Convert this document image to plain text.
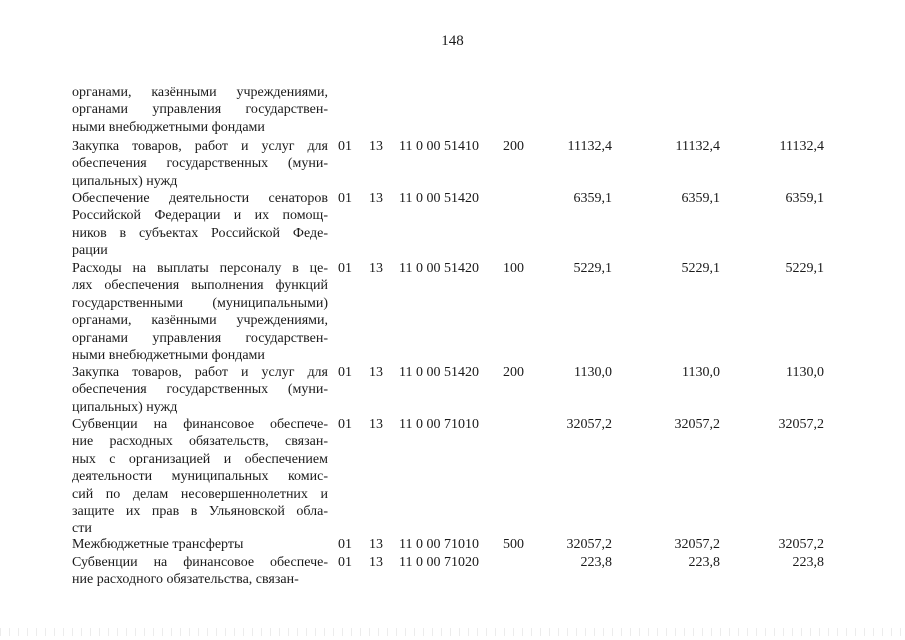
148
органами, казёнными учреждениями,
органами управления государствен-
ными внебюджетными фондами
Закупка товаров, работ и услуг для
обеспечения государственных (муни-
ципальных) нужд
01 13 11 0 00 51410 200	11132,4	11132,4	11132,4
Обеспечение деятельности сенаторов
Российской Федерации и их помощ-
ников в субъектах Российской Феде-
рации
01 13 11 0 00 51420	6359,1	6359,1	6359,1
Расходы на выплаты персоналу в це-
лях обеспечения выполнения функций
государственными (муниципальными)
органами, казёнными учреждениями,
органами управления государствен-
ными внебюджетными фондами
01 13 11 0 00 51420 100	5229,1	5229,1	5229,1
Закупка товаров, работ и услуг для
обеспечения государственных (муни-
ципальных) нужд
01 13 11 0 00 51420 200	1130,0	1130,0	1130,0
Субвенции на финансовое обеспече-
ние расходных обязательств, связан-
ных с организацией и обеспечением
деятельности муниципальных комис-
сий по делам несовершеннолетних и
защите их прав в Ульяновской обла-
сти
01 13 11 0 00 71010	32057,2	32057,2	32057,2
Межбюджетные трансферты	01 13 11 0 00 71010 500	32057,2	32057,2	32057,2
Субвенции на финансовое обеспече-
ние расходного обязательства, связан-
01 13 11 0 00 71020	223,8	223,8	223,8
